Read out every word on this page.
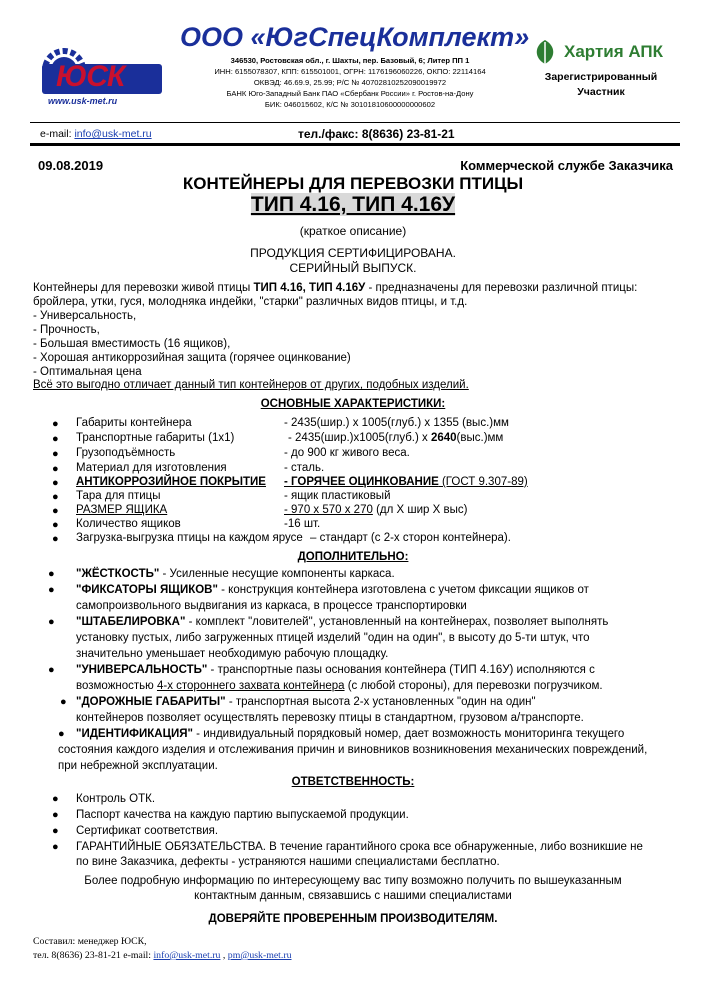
ЮСК
www.usk-met.ru
ООО «ЮгСпецКомплект»
346530, Ростовская обл., г. Шахты, пер. Базовый, 6; Литер ПП 1
ИНН: 6155078307, КПП: 615501001, ОГРН: 1176196060226, ОКПО: 22114164
ОКВЭД: 46.69.9, 25.99; Р/С № 40702810252090019972
БАНК Юго-Западный Банк ПАО «Сбербанк России» г. Ростов-на-Дону
БИК: 046015602, К/С № 30101810600000000602
Хартия АПК
Зарегистрированный
Участник
e-mail: info@usk-met.ru	тел./факс: 8(8636) 23-81-21
09.08.2019	Коммерческой службе Заказчика
КОНТЕЙНЕРЫ ДЛЯ ПЕРЕВОЗКИ ПТИЦЫ
ТИП 4.16, ТИП 4.16У
(краткое описание)
ПРОДУКЦИЯ СЕРТИФИЦИРОВАНА.
СЕРИЙНЫЙ ВЫПУСК.
Контейнеры для перевозки живой птицы ТИП 4.16, ТИП 4.16У - предназначены для перевозки различной птицы:
бройлера, утки, гуся, молодняка индейки, "старки" различных видов птицы, и т.д.
- Универсальность,
- Прочность,
- Большая вместимость (16 ящиков),
- Хорошая антикоррозийная защита (горячее оцинкование)
- Оптимальная цена
Всё это выгодно отличает данный тип контейнеров от других, подобных изделий.
ОСНОВНЫЕ ХАРАКТЕРИСТИКИ:
● Габариты контейнера	- 2435(шир.) х 1005(глуб.) х 1355 (выс.)мм
● Транспортные габариты (1х1)	- 2435(шир.)х1005(глуб.) х 2640(выс.)мм
● Грузоподъёмность	- до 900 кг живого веса.
● Материал для изготовления	- сталь.
● АНТИКОРРОЗИЙНОЕ ПОКРЫТИЕ - ГОРЯЧЕЕ ОЦИНКОВАНИЕ (ГОСТ 9.307-89)
● Тара для птицы	- ящик пластиковый
● РАЗМЕР ЯЩИКА	- 970 х 570 х 270 (дл Х шир Х выс)
● Количество ящиков	-16 шт.
● Загрузка-выгрузка птицы на каждом ярусе – стандарт (с 2-х сторон контейнера).
ДОПОЛНИТЕЛЬНО:
● "ЖЁСТКОСТЬ" - Усиленные несущие компоненты каркаса.
● "ФИКСАТОРЫ ЯЩИКОВ" - конструкция контейнера изготовлена с учетом фиксации ящиков от
самопроизвольного выдвигания из каркаса, в процессе транспортировки
● "ШТАБЕЛИРОВКА" - комплект "ловителей", установленный на контейнерах, позволяет выполнять
установку пустых, либо загруженных птицей изделий "один на один", в высоту до 5-ти штук, что
значительно уменьшает необходимую рабочую площадку.
● "УНИВЕРСАЛЬНОСТЬ" - транспортные пазы основания контейнера (ТИП 4.16У) исполняются с
возможностью 4-х стороннего захвата контейнера (с любой стороны), для перевозки погрузчиком.
● "ДОРОЖНЫЕ ГАБАРИТЫ" - транспортная высота 2-х установленных "один на один"
контейнеров позволяет осуществлять перевозку птицы в стандартном, грузовом а/транспорте.
● "ИДЕНТИФИКАЦИЯ" - индивидуальный порядковый номер, дает возможность мониторинга текущего
состояния каждого изделия и отслеживания причин и виновников возникновения механических повреждений,
при небрежной эксплуатации.
ОТВЕТСТВЕННОСТЬ:
● Контроль ОТК.
● Паспорт качества на каждую партию выпускаемой продукции.
● Сертификат соответствия.
● ГАРАНТИЙНЫЕ ОБЯЗАТЕЛЬСТВА. В течение гарантийного срока все обнаруженные, либо возникшие не
по вине Заказчика, дефекты - устраняются нашими специалистами бесплатно.
Более подробную информацию по интересующему вас типу возможно получить по вышеуказанным
контактным данным, связавшись с нашими специалистами
ДОВЕРЯЙТЕ ПРОВЕРЕННЫМ ПРОИЗВОДИТЕЛЯМ.
Составил: менеджер ЮСК,
тел. 8(8636) 23-81-21 e-mail: info@usk-met.ru , pm@usk-met.ru
